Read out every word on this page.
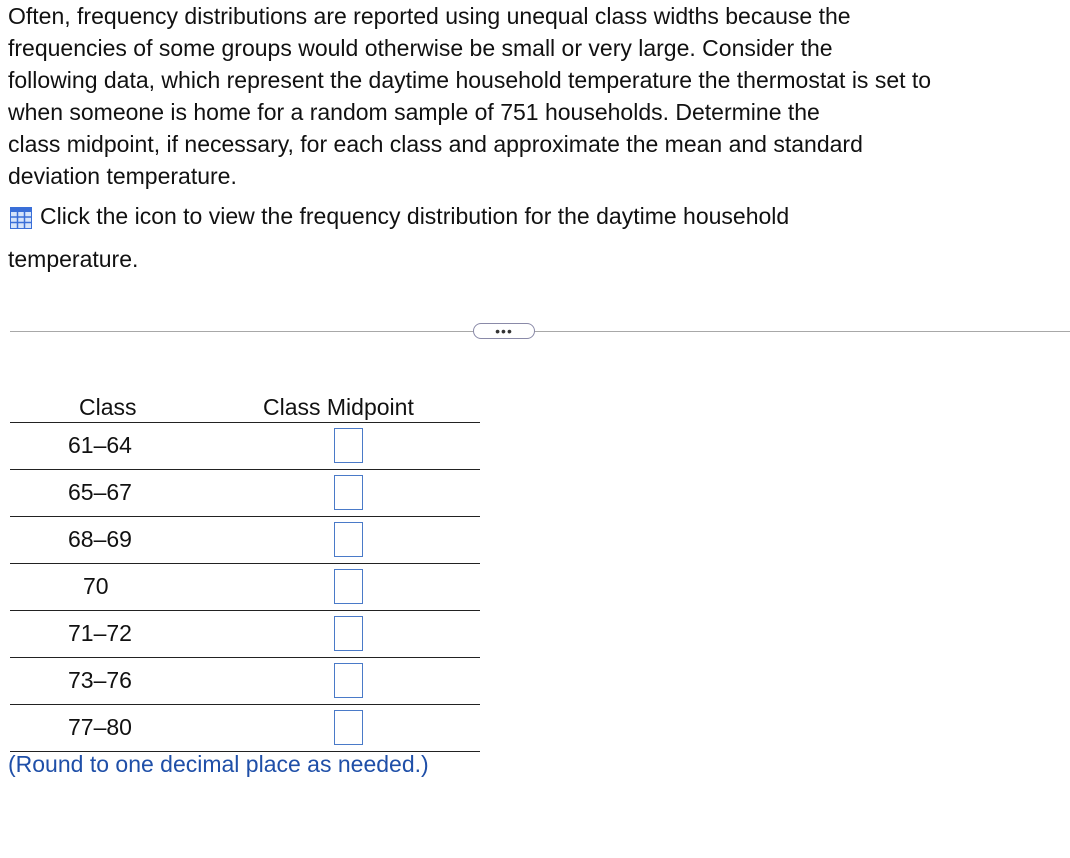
Often, frequency distributions are reported using unequal class widths because the
frequencies of some groups would otherwise be small or very large. Consider the
following data, which represent the daytime household temperature the thermostat is set to
when someone is home for a random sample of 751 households. Determine the
class midpoint, if necessary, for each class and approximate the mean and standard
deviation temperature.
Click the icon to view the frequency distribution for the daytime household
temperature.
•••
Class	Class Midpoint
61–64
65–67
68–69
70
71–72
73–76
77–80
(Round to one decimal place as needed.)
